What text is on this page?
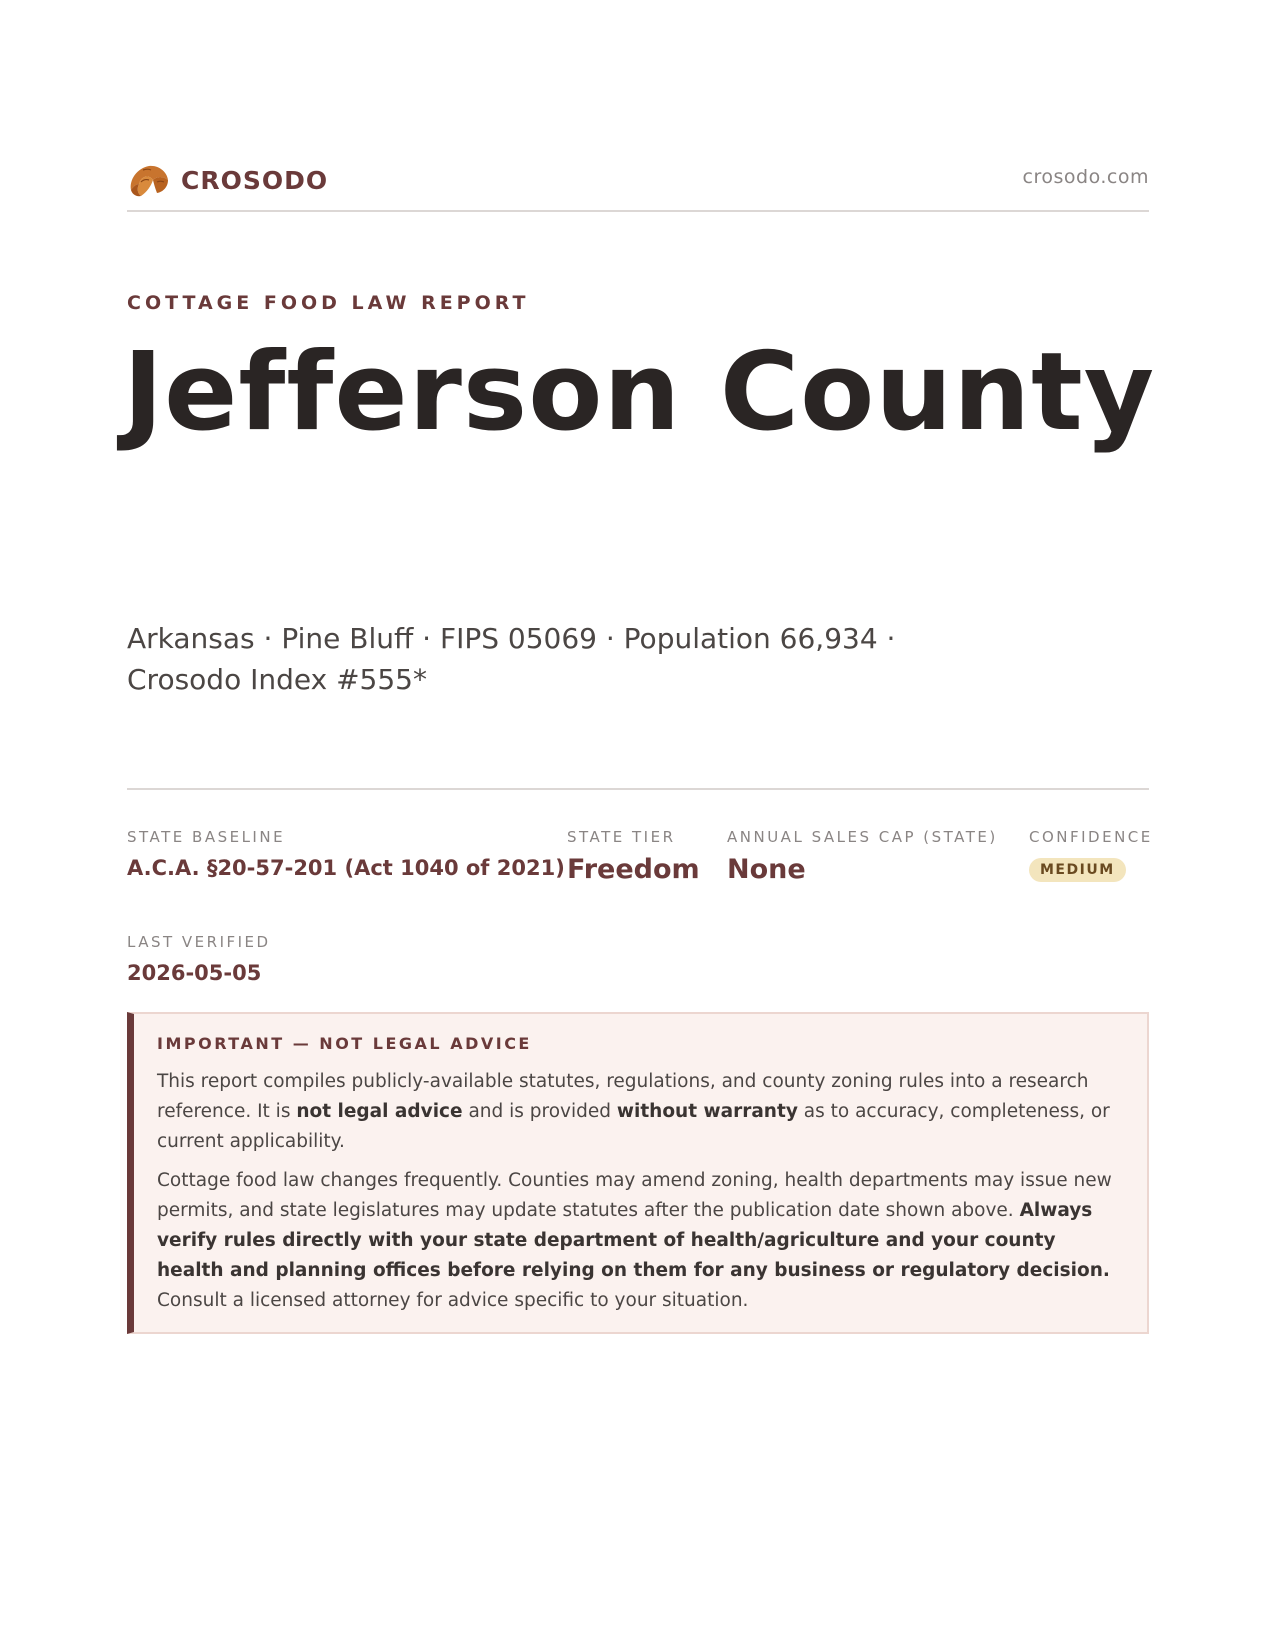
CROSODO	crosodo.com
COTTAGE FOOD LAW REPORT
Jefferson County
Arkansas · Pine Bluff · FIPS 05069 · Population 66,934 · Crosodo Index #555*
STATE BASELINE
A.C.A. §20-57-201 (Act 1040 of 2021)
STATE TIER
Freedom
ANNUAL SALES CAP (STATE)
None
CONFIDENCE
MEDIUM
LAST VERIFIED
2026-05-05
IMPORTANT — NOT LEGAL ADVICE

This report compiles publicly-available statutes, regulations, and county zoning rules into a research reference. It is not legal advice and is provided without warranty as to accuracy, completeness, or current applicability.

Cottage food law changes frequently. Counties may amend zoning, health departments may issue new permits, and state legislatures may update statutes after the publication date shown above. Always verify rules directly with your state department of health/agriculture and your county health and planning offices before relying on them for any business or regulatory decision. Consult a licensed attorney for advice specific to your situation.
